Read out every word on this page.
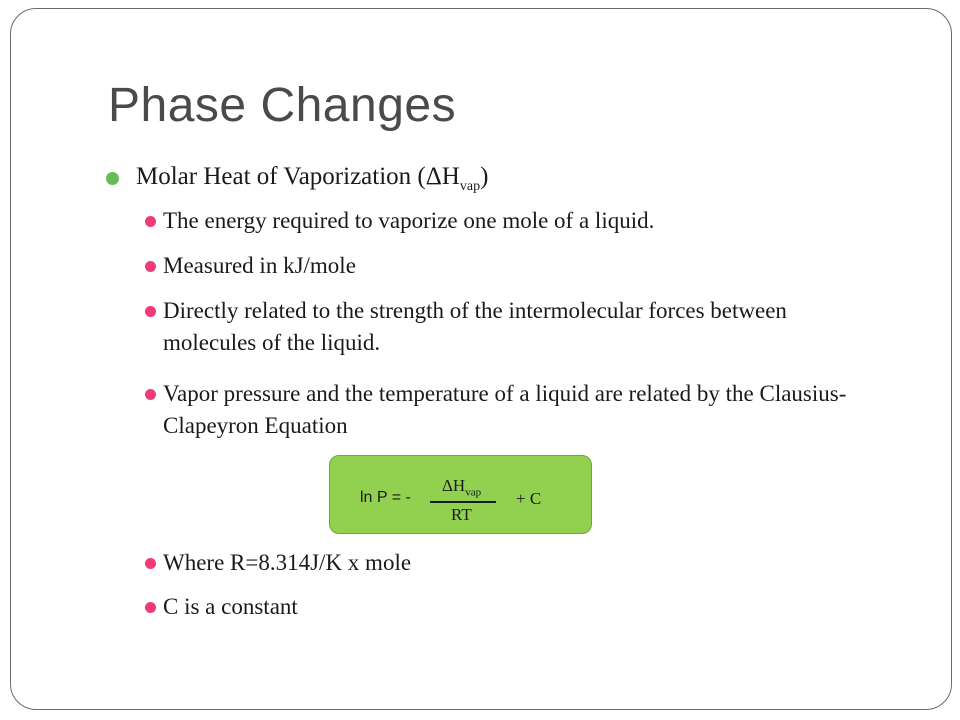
Phase Changes
Molar Heat of Vaporization $(\Delta H_{vap})$
The energy required to vaporize one mole of a liquid.
Measured in kJ/mole
Directly related to the strength of the intermolecular forces between molecules of the liquid.
Vapor pressure and the temperature of a liquid are related by the Clausius-Clapeyron Equation
ln P = -
$\Delta H_{vap}$
RT
+ C
Where R=8.314J/K x mole
C is a constant
